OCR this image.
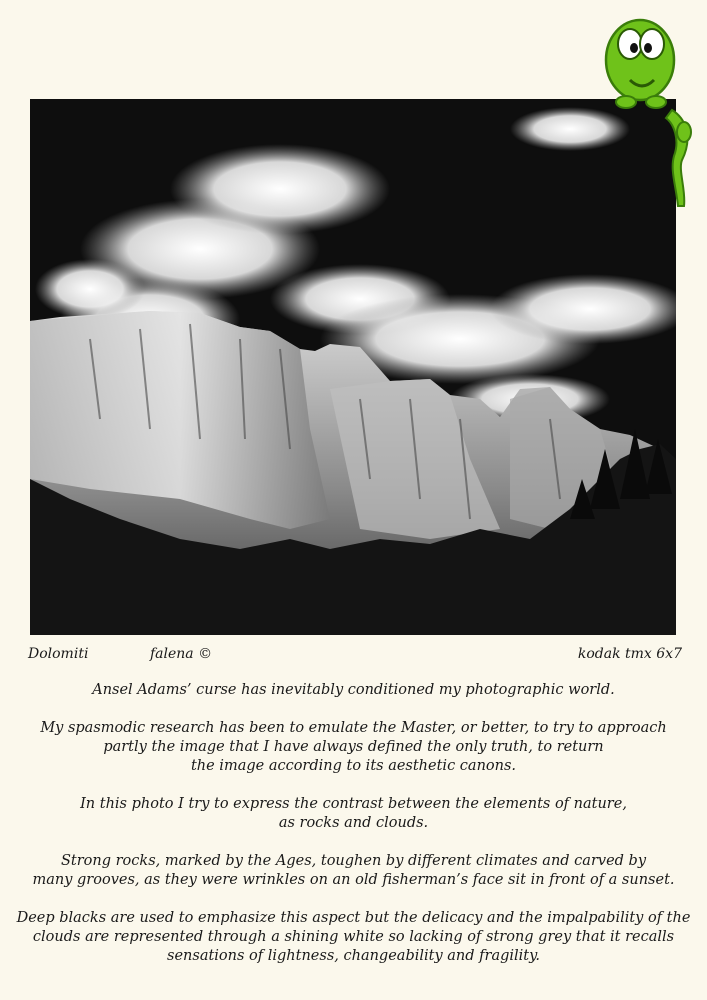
Dolomiti	falena ©	kodak tmx 6x7

Ansel Adams’ curse has inevitably conditioned my photographic world.

My spasmodic research has been to emulate the Master, or better, to try to approach
partly the image that I have always defined the only truth, to return
the image according to its aesthetic canons.

In this photo I try to express the contrast between the elements of nature,
as rocks and clouds.

Strong rocks, marked by the Ages, toughen by different climates and carved by
many grooves, as they were wrinkles on an old fisherman’s face sit in front of a sunset.

Deep blacks are used to emphasize this aspect but the delicacy and the impalpability of the
clouds are represented through a shining white so lacking of strong grey that it recalls
sensations of lightness, changeability and fragility.
